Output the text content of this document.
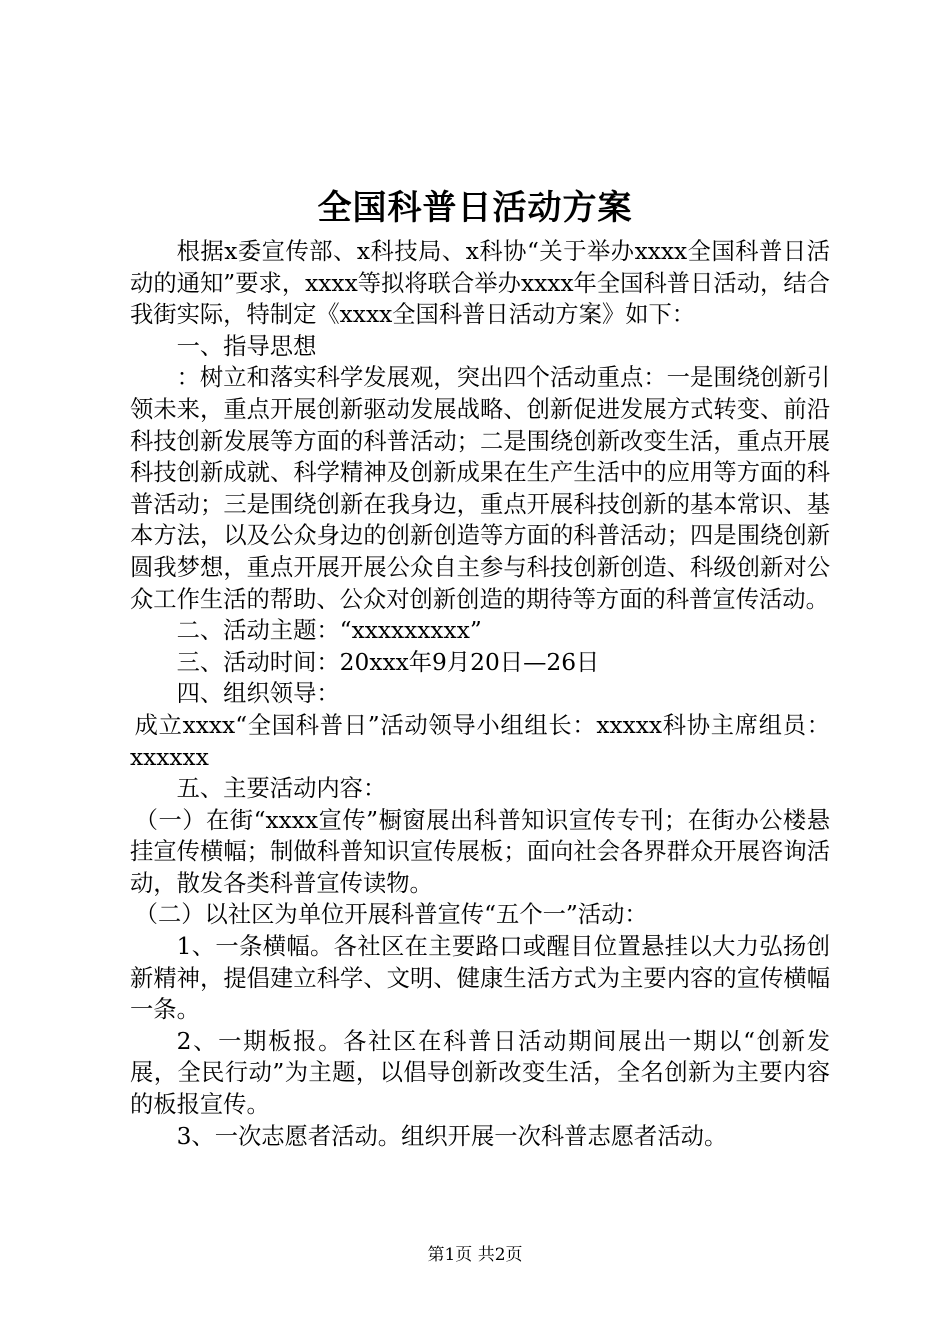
全国科普日活动方案

根据x委宣传部、x科技局、x科协“关于举办xxxx全国科普日活动的通知”要求，xxxx等拟将联合举办xxxx年全国科普日活动，结合我街实际，特制定《xxxx全国科普日活动方案》如下：

一、指导思想

：树立和落实科学发展观，突出四个活动重点：一是围绕创新引领未来，重点开展创新驱动发展战略、创新促进发展方式转变、前沿科技创新发展等方面的科普活动；二是围绕创新改变生活，重点开展科技创新成就、科学精神及创新成果在生产生活中的应用等方面的科普活动；三是围绕创新在我身边，重点开展科技创新的基本常识、基本方法，以及公众身边的创新创造等方面的科普活动；四是围绕创新圆我梦想，重点开展开展公众自主参与科技创新创造、科级创新对公众工作生活的帮助、公众对创新创造的期待等方面的科普宣传活动。

二、活动主题：“xxxxxxxxx”

三、活动时间：20xxx年9月20日—26日

四、组织领导：

成立xxxx“全国科普日”活动领导小组组长：xxxxx科协主席组员：xxxxxx

五、主要活动内容：

（一）在街“xxxx宣传”橱窗展出科普知识宣传专刊；在街办公楼悬挂宣传横幅；制做科普知识宣传展板；面向社会各界群众开展咨询活动，散发各类科普宣传读物。

（二）以社区为单位开展科普宣传“五个一”活动：

1、一条横幅。各社区在主要路口或醒目位置悬挂以大力弘扬创新精神，提倡建立科学、文明、健康生活方式为主要内容的宣传横幅一条。

2、一期板报。各社区在科普日活动期间展出一期以“创新发展，全民行动”为主题，以倡导创新改变生活，全名创新为主要内容的板报宣传。

3、一次志愿者活动。组织开展一次科普志愿者活动。

第1页 共2页
